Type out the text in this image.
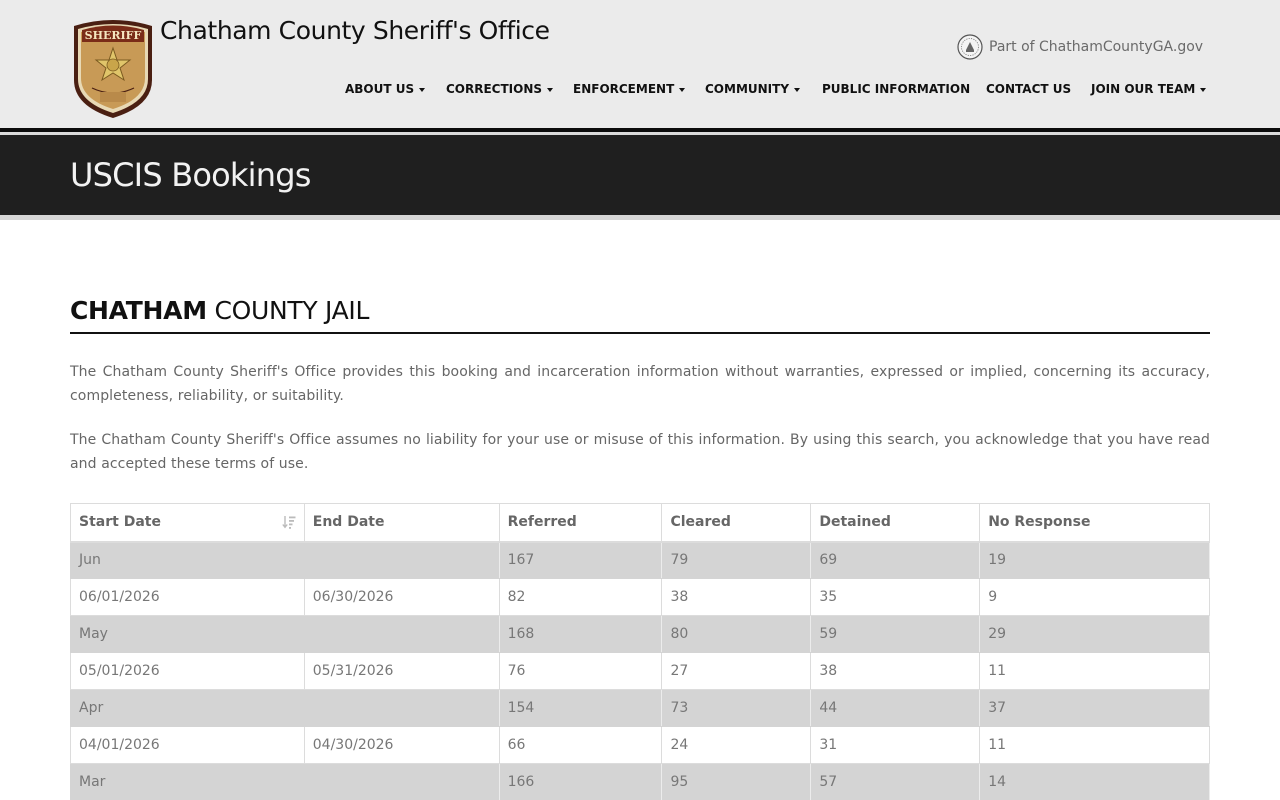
SHERIFF Chatham County Sheriff's Office
Part of ChathamCountyGA.gov
ABOUT US	CORRECTIONS	ENFORCEMENT	COMMUNITY	PUBLIC INFORMATION CONTACT US JOIN OUR TEAM
USCIS Bookings
CHATHAM COUNTY JAIL

The Chatham County Sheriff's Office provides this booking and incarceration information without warranties, expressed or implied, concerning its accuracy, completeness, reliability, or suitability.

The Chatham County Sheriff's Office assumes no liability for your use or misuse of this information. By using this search, you acknowledge that you have read and accepted these terms of use.

Start Date	End Date	Referred	Cleared	Detained	No Response
Jun		167	79	69	19
06/01/2026	06/30/2026	82	38	35	9
May		168	80	59	29
05/01/2026	05/31/2026	76	27	38	11
Apr		154	73	44	37
04/01/2026	04/30/2026	66	24	31	11
Mar		166	95	57	14
